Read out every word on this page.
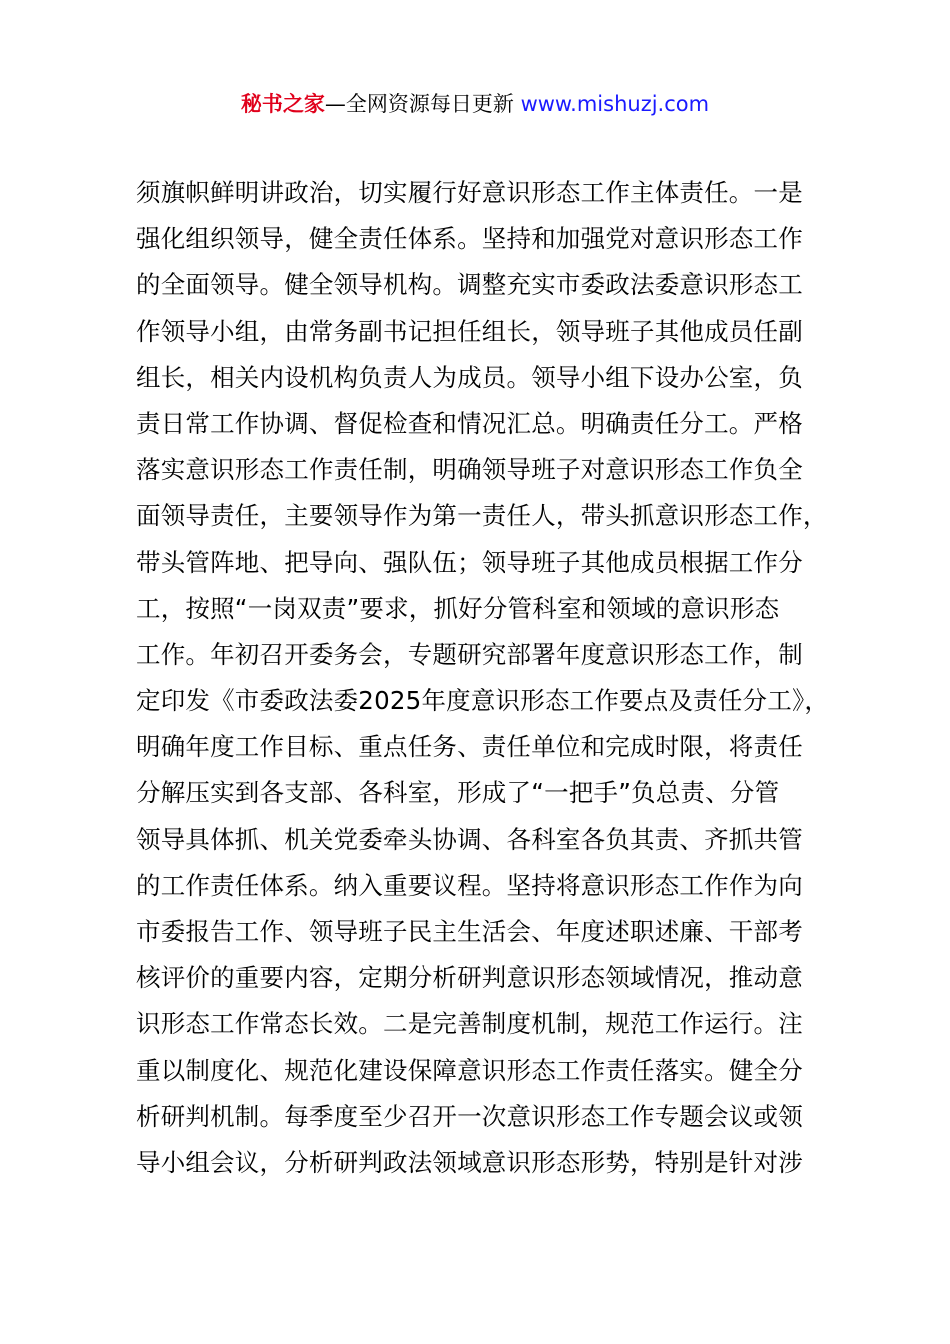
秘书之家—全网资源每日更新 www.mishuzj.com
须旗帜鲜明讲政治，切实履行好意识形态工作主体责任。一是
强化组织领导，健全责任体系。坚持和加强党对意识形态工作
的全面领导。健全领导机构。调整充实市委政法委意识形态工
作领导小组，由常务副书记担任组长，领导班子其他成员任副
组长，相关内设机构负责人为成员。领导小组下设办公室，负
责日常工作协调、督促检查和情况汇总。明确责任分工。严格
落实意识形态工作责任制，明确领导班子对意识形态工作负全
面领导责任，主要领导作为第一责任人，带头抓意识形态工作，
带头管阵地、把导向、强队伍；领导班子其他成员根据工作分
工，按照“一岗双责”要求，抓好分管科室和领域的意识形态
工作。年初召开委务会，专题研究部署年度意识形态工作，制
定印发《市委政法委2025年度意识形态工作要点及责任分工》，
明确年度工作目标、重点任务、责任单位和完成时限，将责任
分解压实到各支部、各科室，形成了“一把手”负总责、分管
领导具体抓、机关党委牵头协调、各科室各负其责、齐抓共管
的工作责任体系。纳入重要议程。坚持将意识形态工作作为向
市委报告工作、领导班子民主生活会、年度述职述廉、干部考
核评价的重要内容，定期分析研判意识形态领域情况，推动意
识形态工作常态长效。二是完善制度机制，规范工作运行。注
重以制度化、规范化建设保障意识形态工作责任落实。健全分
析研判机制。每季度至少召开一次意识形态工作专题会议或领
导小组会议，分析研判政法领域意识形态形势，特别是针对涉
